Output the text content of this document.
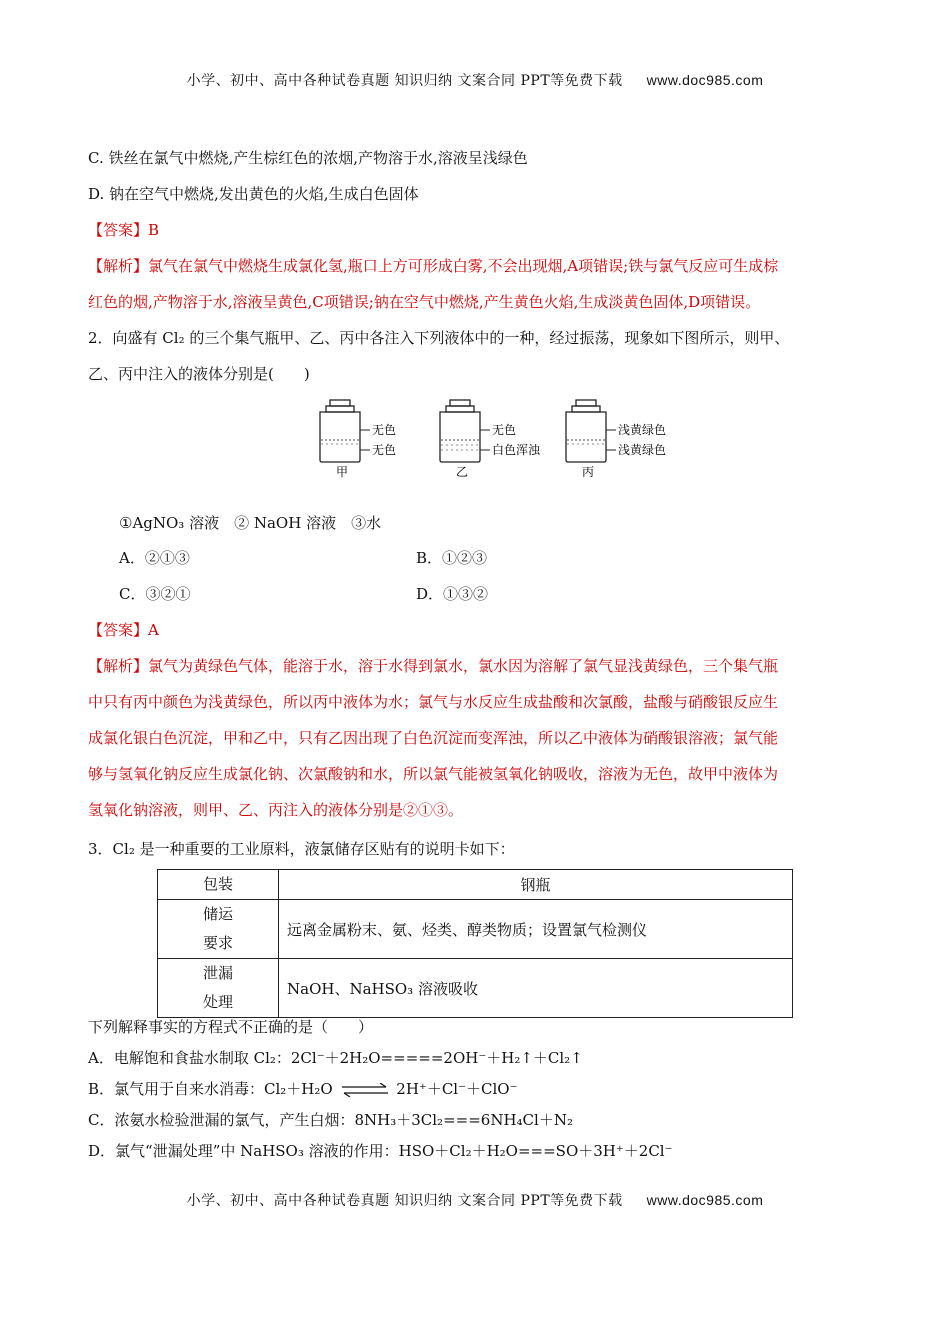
小学、初中、高中各种试卷真题 知识归纳 文案合同 PPT等免费下载 www.doc985.com
C. 铁丝在氯气中燃烧,产生棕红色的浓烟,产物溶于水,溶液呈浅绿色
D. 钠在空气中燃烧,发出黄色的火焰,生成白色固体
【答案】B
【解析】氯气在氯气中燃烧生成氯化氢,瓶口上方可形成白雾,不会出现烟,A项错误;铁与氯气反应可生成棕
红色的烟,产物溶于水,溶液呈黄色,C项错误;钠在空气中燃烧,产生黄色火焰,生成淡黄色固体,D项错误。
2．向盛有 Cl₂ 的三个集气瓶甲、乙、丙中各注入下列液体中的一种，经过振荡，现象如下图所示，则甲、
乙、丙中注入的液体分别是(　　)
无色
无色
甲
无色
白色浑浊
乙
浅黄绿色
浅黄绿色
丙
①AgNO₃ 溶液　② NaOH 溶液　③水
A．②①③	B．①②③
C．③②①	D．①③②
【答案】A
【解析】氯气为黄绿色气体，能溶于水，溶于水得到氯水，氯水因为溶解了氯气显浅黄绿色，三个集气瓶
中只有丙中颜色为浅黄绿色，所以丙中液体为水；氯气与水反应生成盐酸和次氯酸，盐酸与硝酸银反应生
成氯化银白色沉淀，甲和乙中，只有乙因出现了白色沉淀而变浑浊，所以乙中液体为硝酸银溶液；氯气能
够与氢氧化钠反应生成氯化钠、次氯酸钠和水，所以氯气能被氢氧化钠吸收，溶液为无色，故甲中液体为
氢氧化钠溶液，则甲、乙、丙注入的液体分别是②①③。
3．Cl₂ 是一种重要的工业原料，液氯储存区贴有的说明卡如下：
包装	钢瓶

储运
要求	远离金属粉末、氨、烃类、醇类物质；设置氯气检测仪

泄漏
处理	NaOH、NaHSO₃ 溶液吸收
下列解释事实的方程式不正确的是（　　）
A．电解饱和食盐水制取 Cl₂：2Cl⁻＋2H₂O=====2OH⁻＋H₂↑＋Cl₂↑
B．氯气用于自来水消毒：Cl₂＋H₂O ⇌ 2H⁺＋Cl⁻＋ClO⁻
C．浓氨水检验泄漏的氯气，产生白烟：8NH₃＋3Cl₂===6NH₄Cl＋N₂
D．氯气“泄漏处理”中 NaHSO₃ 溶液的作用：HSO＋Cl₂＋H₂O===SO＋3H⁺＋2Cl⁻
小学、初中、高中各种试卷真题 知识归纳 文案合同 PPT等免费下载 www.doc985.com
